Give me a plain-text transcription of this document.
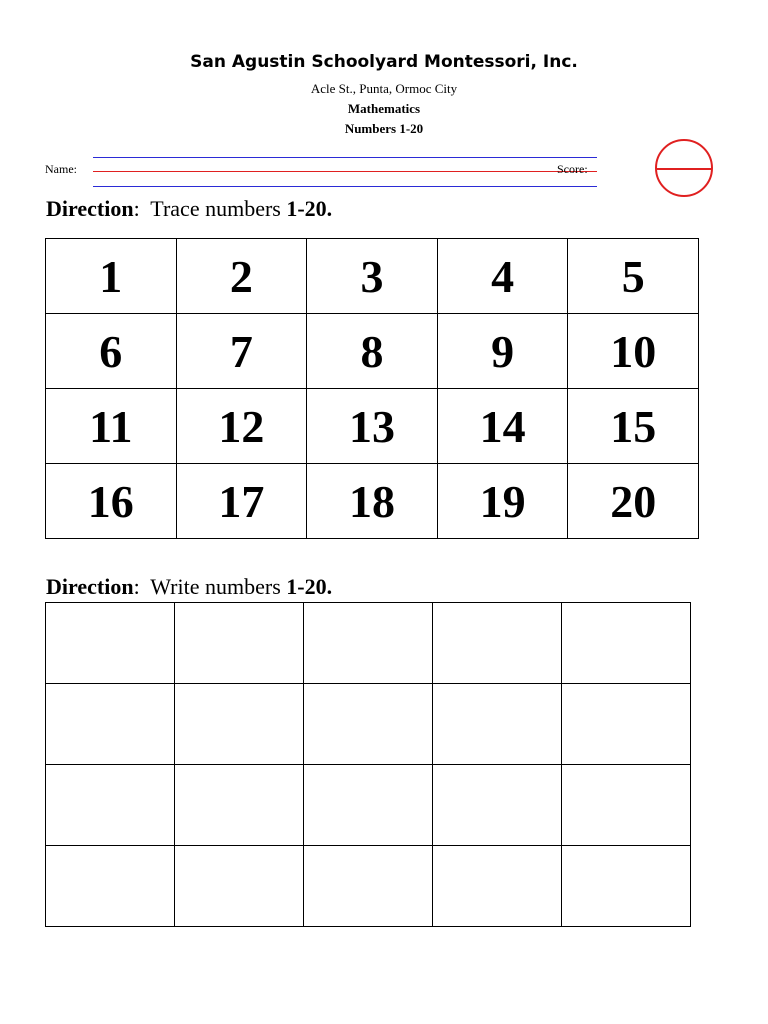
San Agustin Schoolyard Montessori, Inc.
Acle St., Punta, Ormoc City
Mathematics
Numbers 1-20
Name:	Score:
Direction:  Trace numbers 1-20.
1	2	3	4	5
6	7	8	9	10
11	12	13	14	15
16	17	18	19	20
Direction:  Write numbers 1-20.
